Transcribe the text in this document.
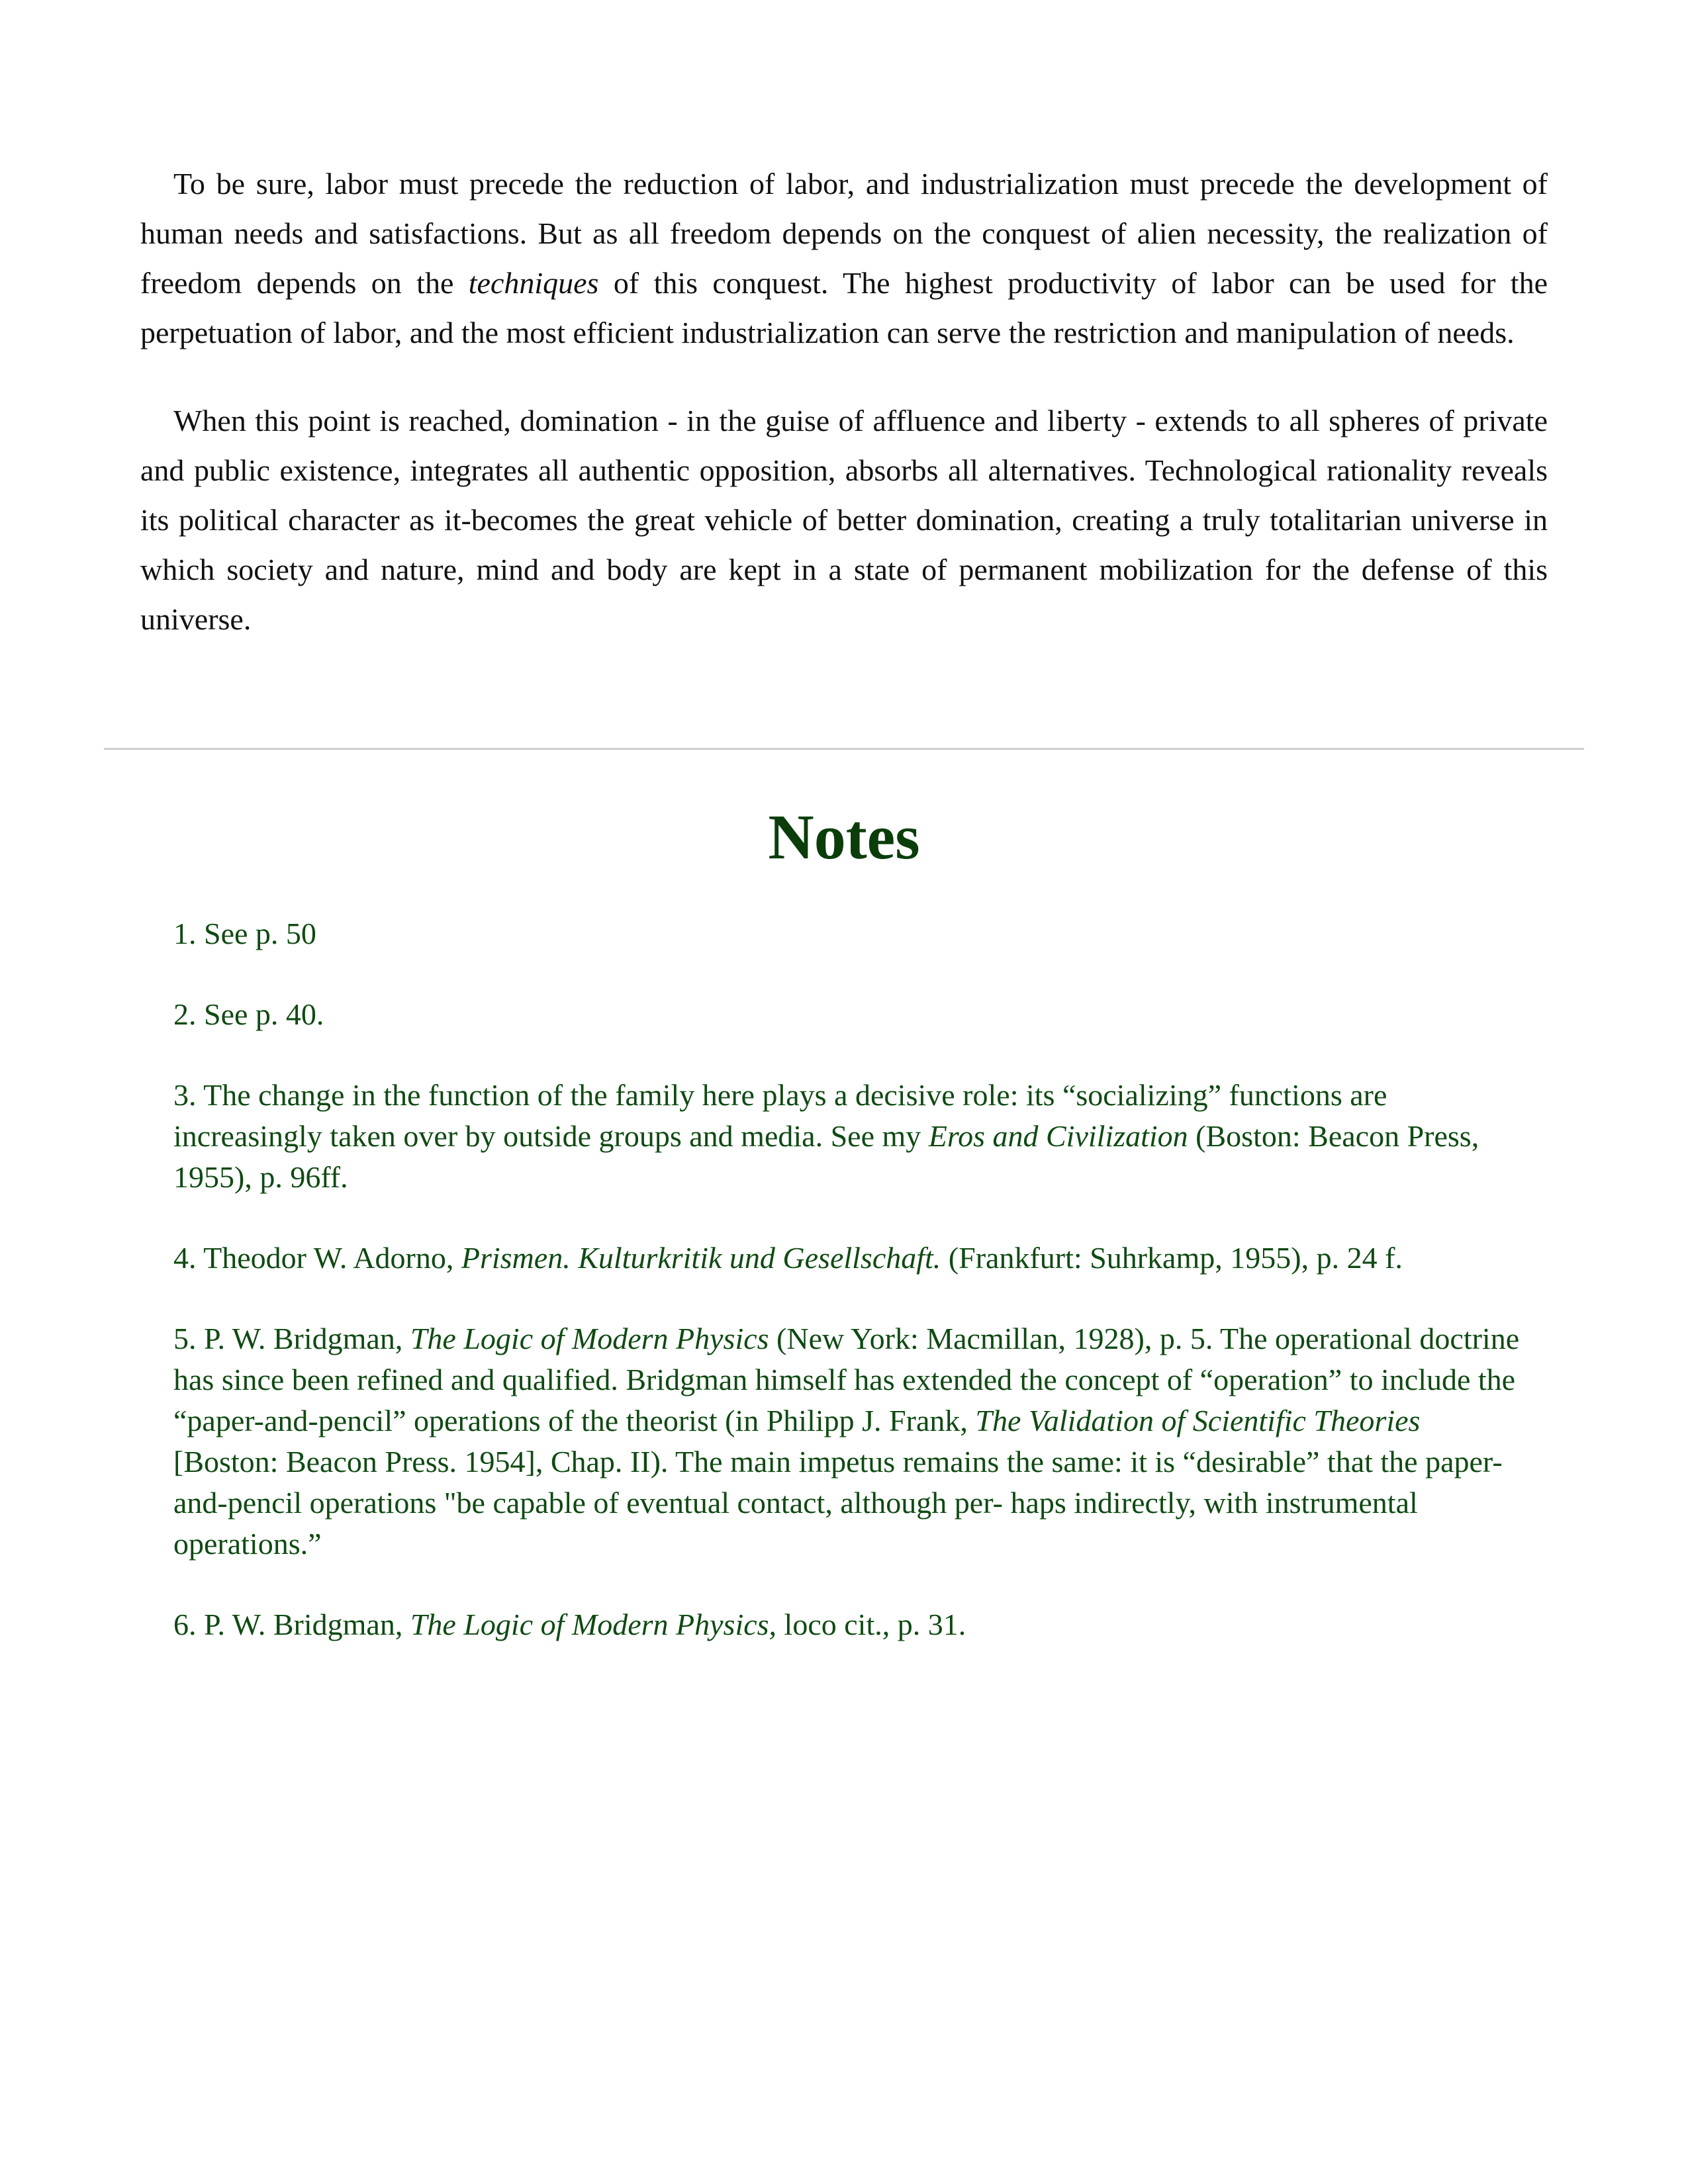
To be sure, labor must precede the reduction of labor, and industrialization must precede the development of human needs and satisfactions. But as all freedom depends on the conquest of alien necessity, the realization of freedom depends on the techniques of this conquest. The highest productivity of labor can be used for the perpetuation of labor, and the most efficient industrialization can serve the restriction and manipulation of needs.

When this point is reached, domination - in the guise of affluence and liberty - extends to all spheres of private and public existence, integrates all authentic opposition, absorbs all alternatives. Technological rationality reveals its political character as it-becomes the great vehicle of better domination, creating a truly totalitarian universe in which society and nature, mind and body are kept in a state of permanent mobilization for the defense of this universe.

Notes
1. See p. 50
2. See p. 40.
3. The change in the function of the family here plays a decisive role: its “socializing” functions are increasingly taken over by outside groups and media. See my Eros and Civilization (Boston: Beacon Press, 1955), p. 96ff.
4. Theodor W. Adorno, Prismen. Kulturkritik und Gesellschaft. (Frankfurt: Suhrkamp, 1955), p. 24 f.
5. P. W. Bridgman, The Logic of Modern Physics (New York: Macmillan, 1928), p. 5. The operational doctrine has since been refined and qualified. Bridgman himself has extended the concept of “operation” to include the “paper-and-pencil” operations of the theorist (in Philipp J. Frank, The Validation of Scientific Theories [Boston: Beacon Press. 1954], Chap. II). The main impetus remains the same: it is “desirable” that the paper-and-pencil operations "be capable of eventual contact, although per- haps indirectly, with instrumental operations.”
6. P. W. Bridgman, The Logic of Modern Physics, loco cit., p. 31.
